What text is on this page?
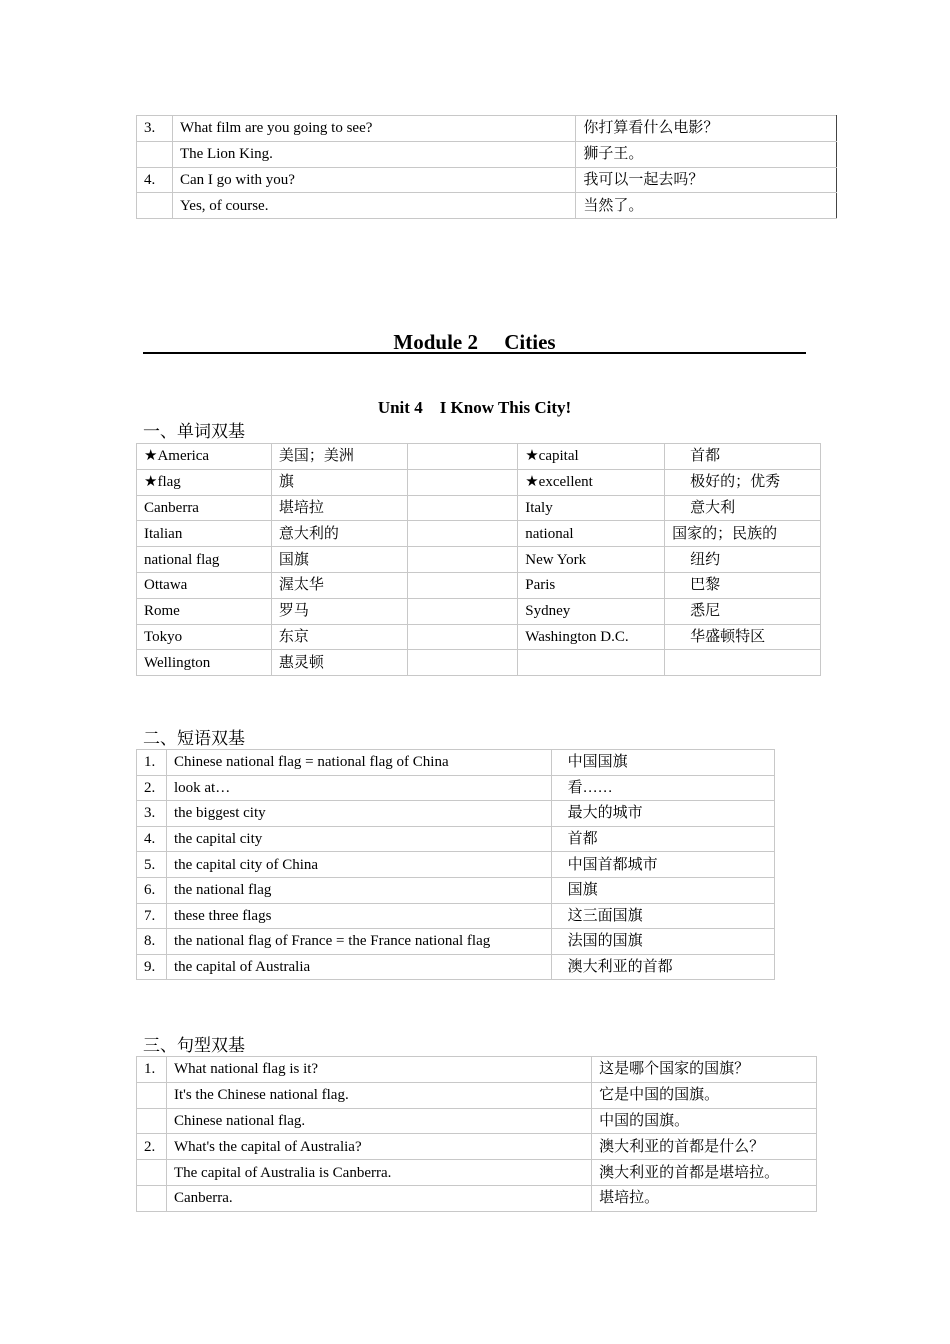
3.	What film are you going to see?	你打算看什么电影？
	The Lion King.	狮子王。
4.	Can I go with you?	我可以一起去吗？
	Yes, of course.	当然了。
Module 2　 Cities
Unit 4　I Know This City!
一、单词双基
★America	美国；美洲		★capital	首都
★flag	旗		★excellent	极好的；优秀
Canberra	堪培拉		Italy	意大利
Italian	意大利的		national	国家的；民族的
national flag	国旗		New York	纽约
Ottawa	渥太华		Paris	巴黎
Rome	罗马		Sydney	悉尼
Tokyo	东京		Washington D.C.	华盛顿特区
Wellington	惠灵顿			
二、短语双基
1.	Chinese national flag = national flag of China	中国国旗
2.	look at…	看……
3.	the biggest city	最大的城市
4.	the capital city	首都
5.	the capital city of China	中国首都城市
6.	the national flag	国旗
7.	these three flags	这三面国旗
8.	the national flag of France = the France national flag	法国的国旗
9.	the capital of Australia	澳大利亚的首都
三、句型双基
1.	What national flag is it?	这是哪个国家的国旗？
	It's the Chinese national flag.	它是中国的国旗。
	Chinese national flag.	中国的国旗。
2.	What's the capital of Australia?	澳大利亚的首都是什么？
	The capital of Australia is Canberra.	澳大利亚的首都是堪培拉。
	Canberra.	堪培拉。
